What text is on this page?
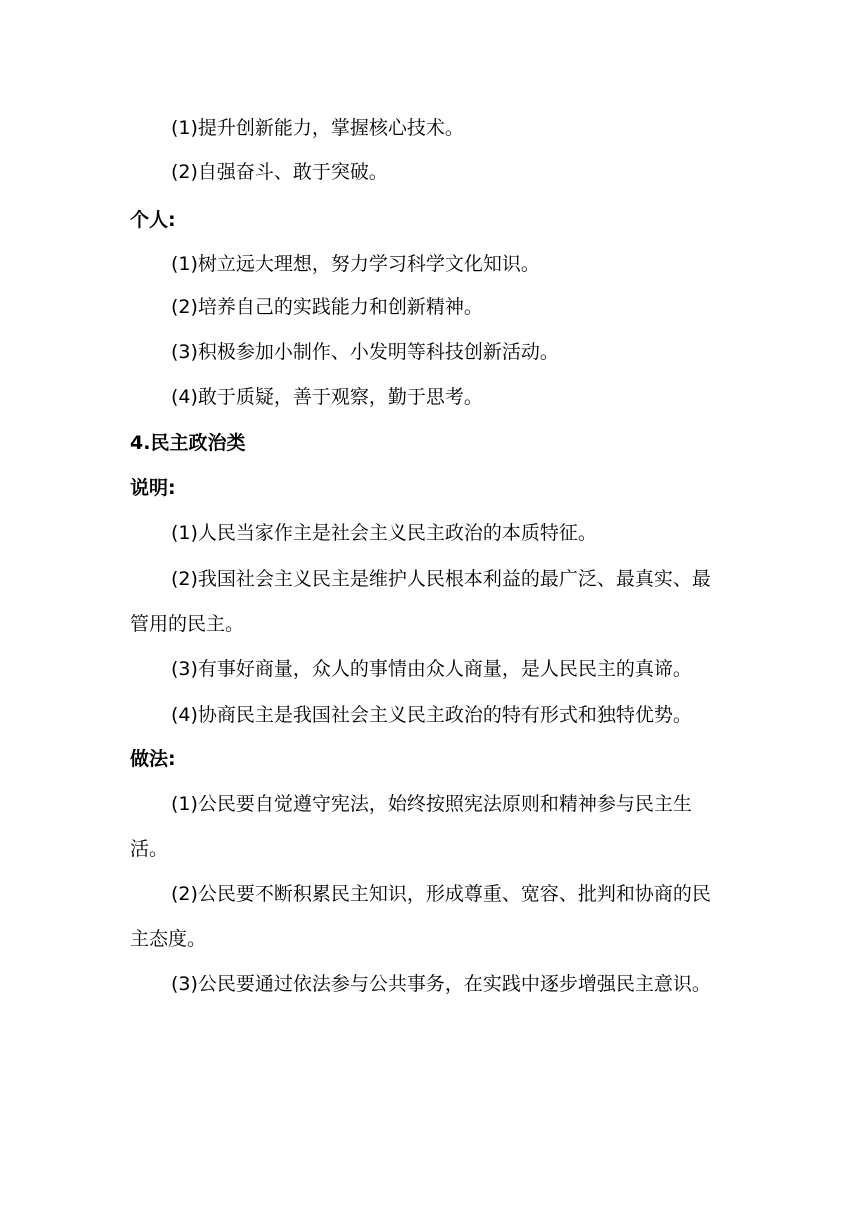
(1)提升创新能力，掌握核心技术。
(2)自强奋斗、敢于突破。
个人:
(1)树立远大理想，努力学习科学文化知识。
(2)培养自己的实践能力和创新精神。
(3)积极参加小制作、小发明等科技创新活动。
(4)敢于质疑，善于观察，勤于思考。
4.民主政治类
说明:
(1)人民当家作主是社会主义民主政治的本质特征。
(2)我国社会主义民主是维护人民根本利益的最广泛、最真实、最
管用的民主。
(3)有事好商量，众人的事情由众人商量，是人民民主的真谛。
(4)协商民主是我国社会主义民主政治的特有形式和独特优势。
做法:
(1)公民要自觉遵守宪法，始终按照宪法原则和精神参与民主生
活。
(2)公民要不断积累民主知识，形成尊重、宽容、批判和协商的民
主态度。
(3)公民要通过依法参与公共事务，在实践中逐步增强民主意识。
